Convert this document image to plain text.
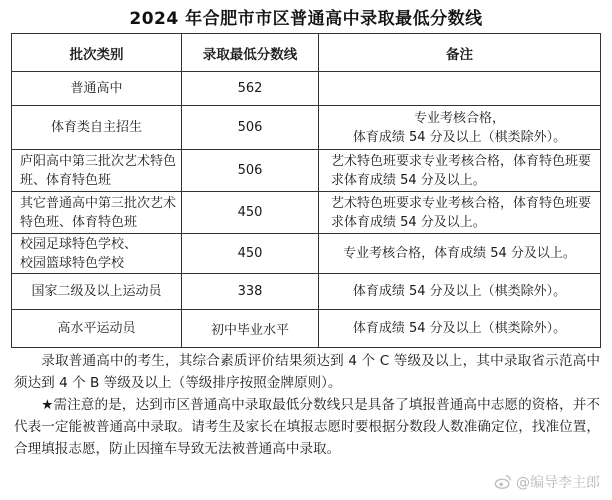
2024 年合肥市市区普通高中录取最低分数线
批次类别	录取最低分数线	备注
普通高中	562	
体育类自主招生	506	专业考核合格，
体育成绩 54 分及以上（棋类除外）。
庐阳高中第三批次艺术特色班、体育特色班	506	艺术特色班要求专业考核合格，体育特色班要求体育成绩 54 分及以上。
其它普通高中第三批次艺术特色班、体育特色班	450	艺术特色班要求专业考核合格，体育特色班要求体育成绩 54 分及以上。
校园足球特色学校、
校园篮球特色学校	450	专业考核合格，体育成绩 54 分及以上。
国家二级及以上运动员	338	体育成绩 54 分及以上（棋类除外）。
高水平运动员	初中毕业水平	体育成绩 54 分及以上（棋类除外）。

录取普通高中的考生，其综合素质评价结果须达到 4 个 C 等级及以上，其中录取省示范高中须达到 4 个 B 等级及以上（等级排序按照金牌原则）。

★需注意的是，达到市区普通高中录取最低分数线只是具备了填报普通高中志愿的资格，并不代表一定能被普通高中录取。请考生及家长在填报志愿时要根据分数段人数准确定位，找准位置，合理填报志愿，防止因撞车导致无法被普通高中录取。

@编导李主郎
